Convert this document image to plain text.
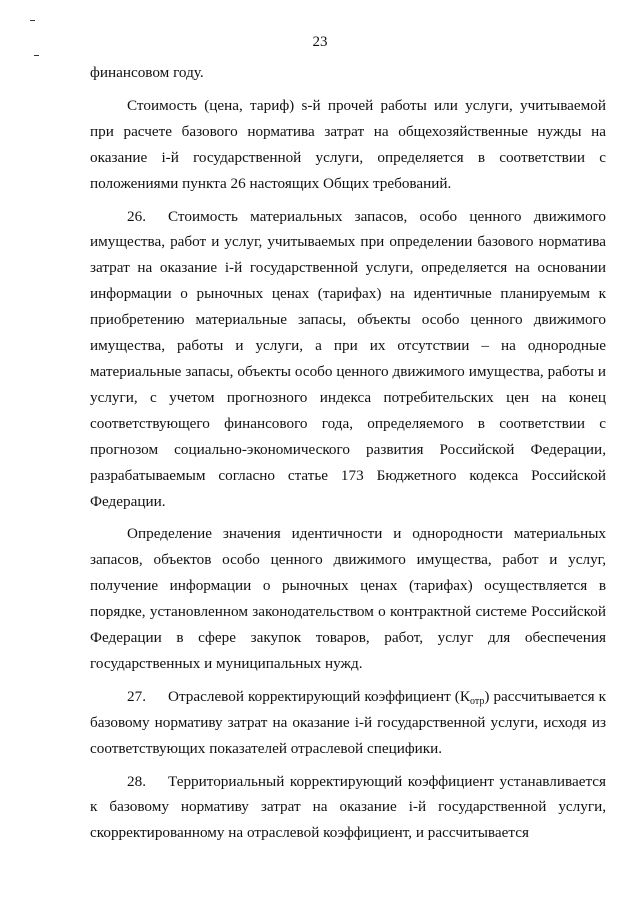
23

финансовом году.

Стоимость (цена, тариф) s-й прочей работы или услуги, учитываемой при расчете базового норматива затрат на общехозяйственные нужды на оказание i-й государственной услуги, определяется в соответствии с положениями пункта 26 настоящих Общих требований.

26. Стоимость материальных запасов, особо ценного движимого имущества, работ и услуг, учитываемых при определении базового норматива затрат на оказание i-й государственной услуги, определяется на основании информации о рыночных ценах (тарифах) на идентичные планируемым к приобретению материальные запасы, объекты особо ценного движимого имущества, работы и услуги, а при их отсутствии – на однородные материальные запасы, объекты особо ценного движимого имущества, работы и услуги, с учетом прогнозного индекса потребительских цен на конец соответствующего финансового года, определяемого в соответствии с прогнозом социально-экономического развития Российской Федерации, разрабатываемым согласно статье 173 Бюджетного кодекса Российской Федерации.

Определение значения идентичности и однородности материальных запасов, объектов особо ценного движимого имущества, работ и услуг, получение информации о рыночных ценах (тарифах) осуществляется в порядке, установленном законодательством о контрактной системе Российской Федерации в сфере закупок товаров, работ, услуг для обеспечения государственных и муниципальных нужд.

27. Отраслевой корректирующий коэффициент $(К_{отр})$ рассчитывается к базовому нормативу затрат на оказание i-й государственной услуги, исходя из соответствующих показателей отраслевой специфики.

28. Территориальный корректирующий коэффициент устанавливается к базовому нормативу затрат на оказание i-й государственной услуги, скорректированному на отраслевой коэффициент, и рассчитывается
